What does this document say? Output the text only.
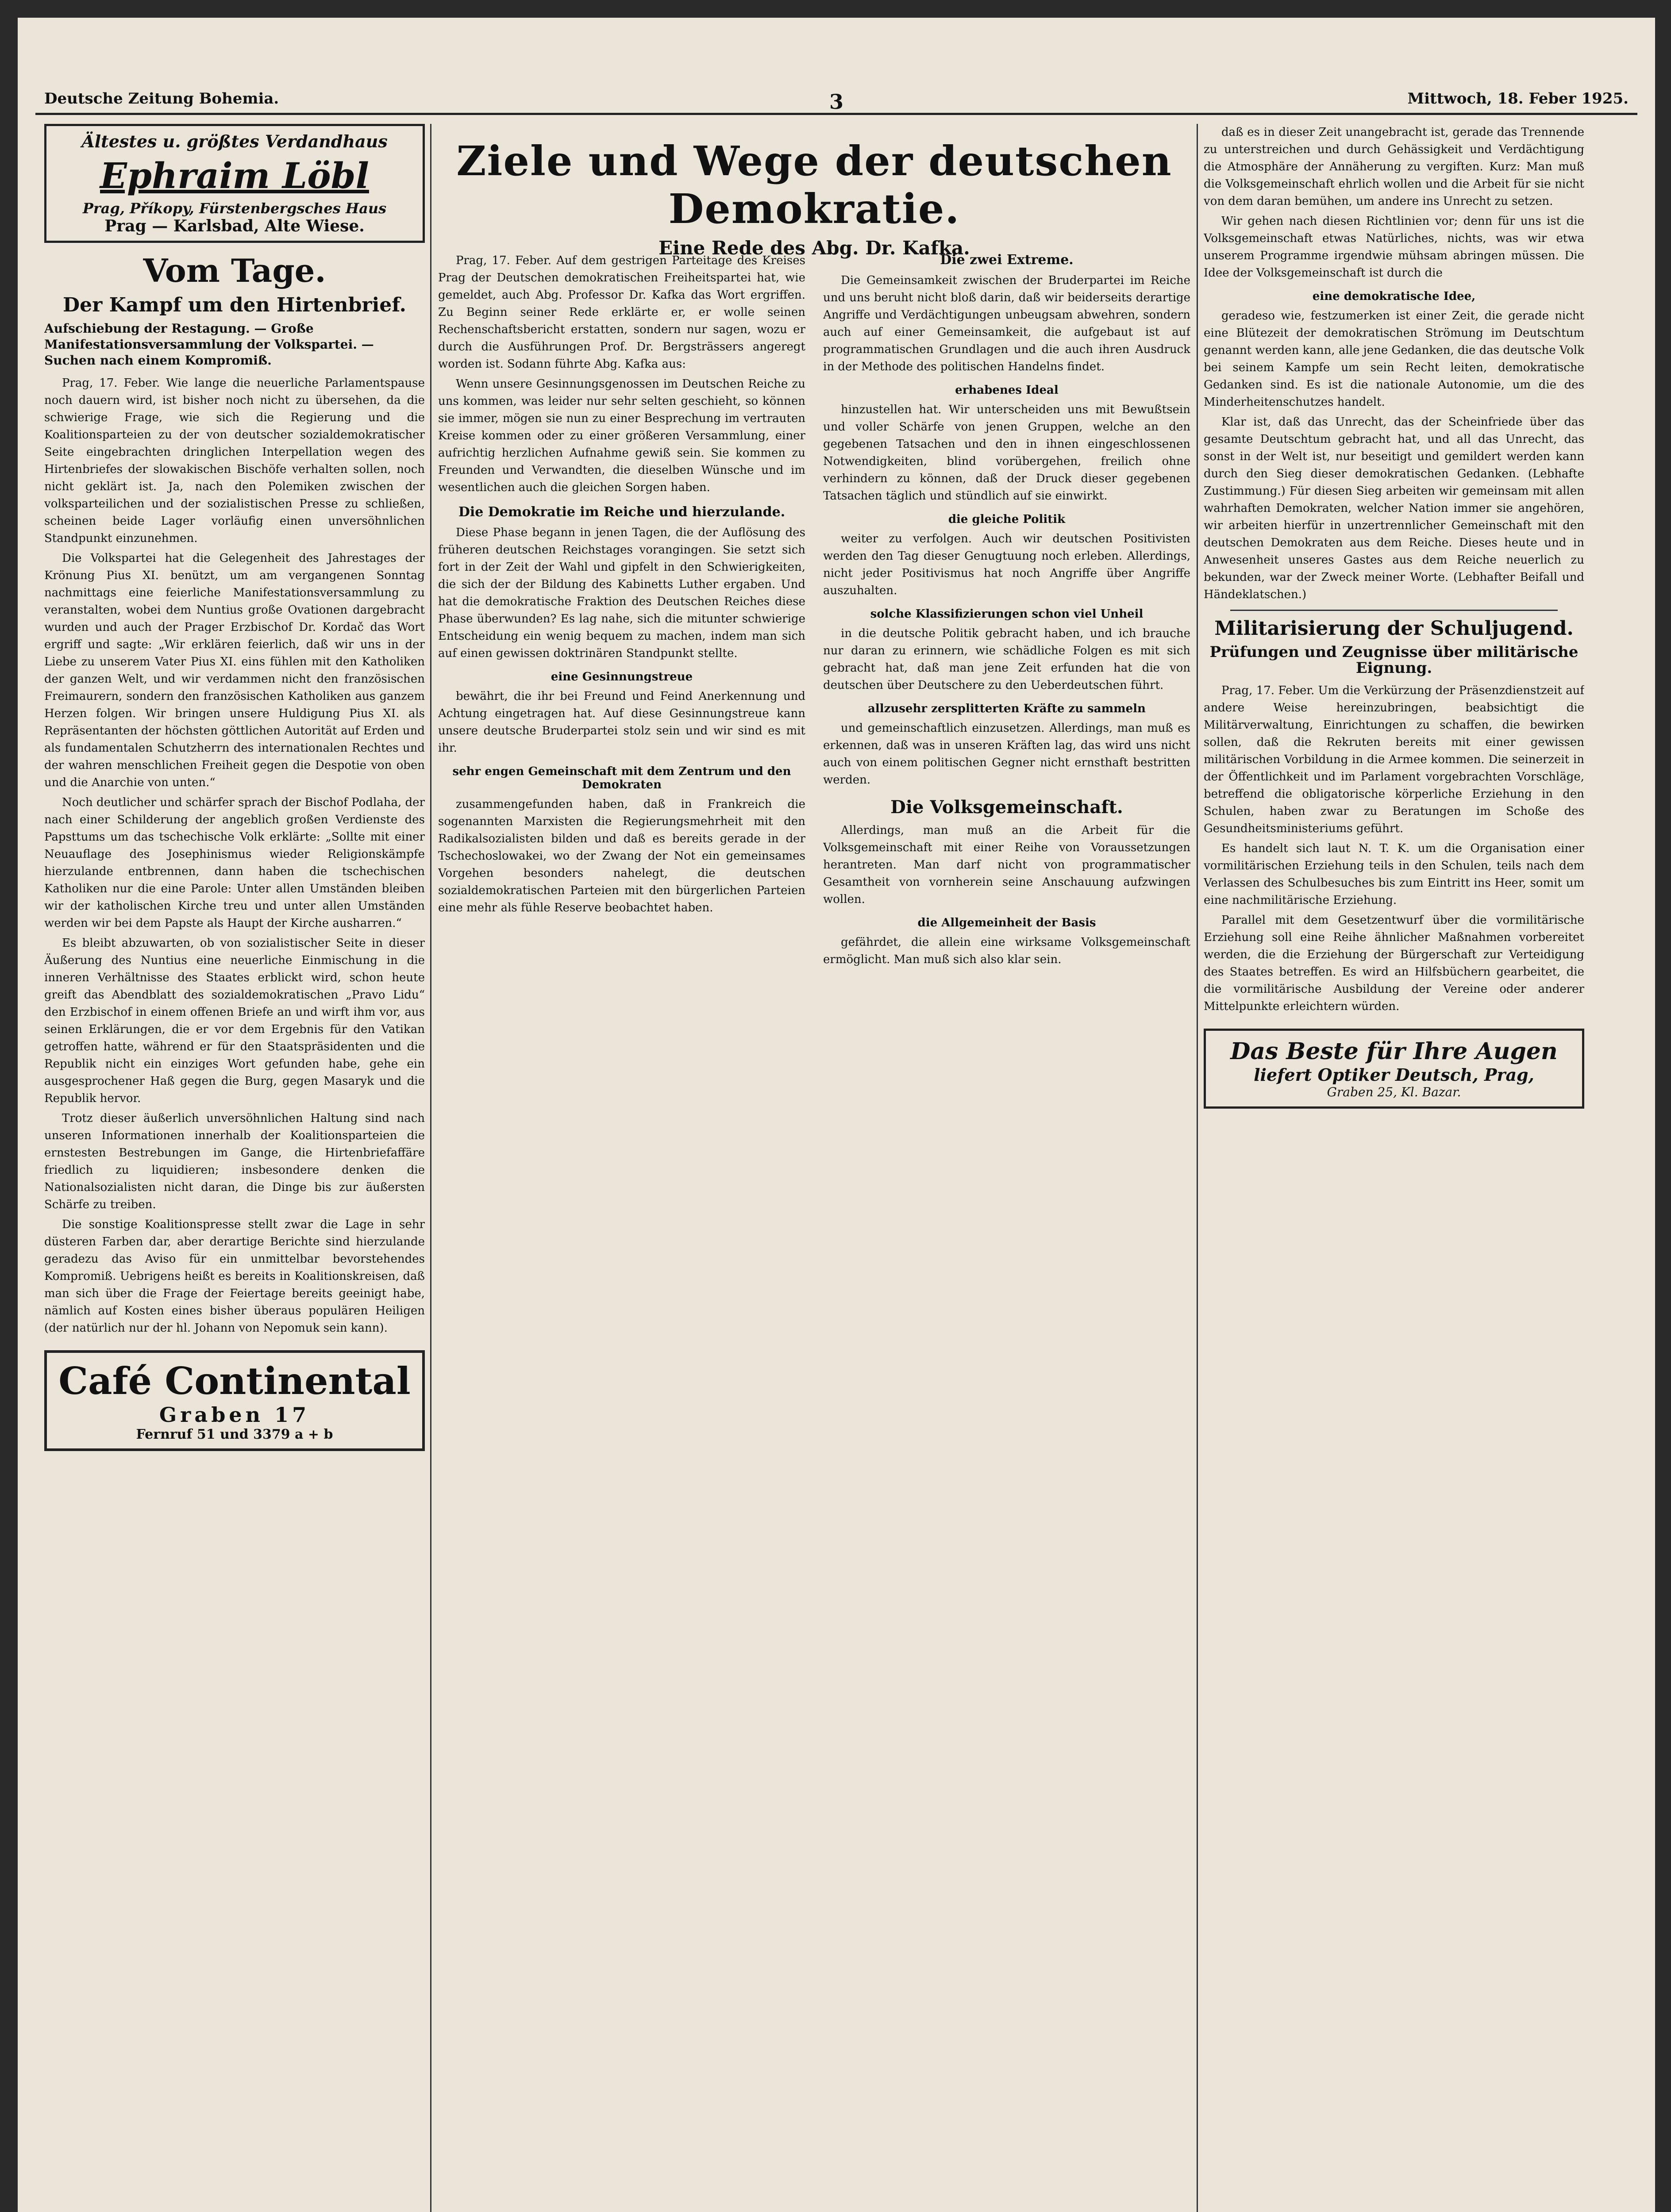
Deutsche Zeitung Bohemia.	3	Mittwoch, 18. Feber 1925.
Ältestes u. größtes Verdandhaus
Ephraim Löbl
Prag, Příkopy, Fürstenbergsches Haus
Prag — Karlsbad, Alte Wiese.
Vom Tage.
Der Kampf um den Hirtenbrief.
Aufschiebung der Restagung. — Große Manifestationsversammlung der Volkspartei. — Suchen nach einem Kompromiß.

Prag, 17. Feber. Wie lange die neuerliche Parlamentspause noch dauern wird, ist bisher noch nicht zu übersehen, da die schwierige Frage, wie sich die Regierung und die Koalitionsparteien zu der von deutscher sozialdemokratischer Seite eingebrachten dringlichen Interpellation wegen des Hirtenbriefes der slowakischen Bischöfe verhalten sollen, noch nicht geklärt ist. Ja, nach den Polemiken zwischen der volksparteilichen und der sozialistischen Presse zu schließen, scheinen beide Lager vorläufig einen unversöhnlichen Standpunkt einzunehmen.

Die Volkspartei hat die Gelegenheit des Jahrestages der Krönung Pius XI. benützt, um am vergangenen Sonntag nachmittags eine feierliche Manifestationsversammlung zu veranstalten, wobei dem Nuntius große Ovationen dargebracht wurden und auch der Prager Erzbischof Dr. Kordač das Wort ergriff und sagte: „Wir erklären feierlich, daß wir uns in der Liebe zu unserem Vater Pius XI. eins fühlen mit den Katholiken der ganzen Welt, und wir verdammen nicht den französischen Freimaurern, sondern den französischen Katholiken aus ganzem Herzen folgen. Wir bringen unsere Huldigung Pius XI. als Repräsentanten der höchsten göttlichen Autorität auf Erden und als fundamentalen Schutzherrn des internationalen Rechtes und der wahren menschlichen Freiheit gegen die Despotie von oben und die Anarchie von unten.“

Noch deutlicher und schärfer sprach der Bischof Podlaha, der nach einer Schilderung der angeblich großen Verdienste des Papsttums um das tschechische Volk erklärte: „Sollte mit einer Neuauflage des Josephinismus wieder Religionskämpfe hierzulande entbrennen, dann haben die tschechischen Katholiken nur die eine Parole: Unter allen Umständen bleiben wir der katholischen Kirche treu und unter allen Umständen werden wir bei dem Papste als Haupt der Kirche ausharren.“

Es bleibt abzuwarten, ob von sozialistischer Seite in dieser Äußerung des Nuntius eine neuerliche Einmischung in die inneren Verhältnisse des Staates erblickt wird, schon heute greift das Abendblatt des sozialdemokratischen „Pravo Lidu“ den Erzbischof in einem offenen Briefe an und wirft ihm vor, aus seinen Erklärungen, die er vor dem Ergebnis für den Vatikan getroffen hatte, während er für den Staatspräsidenten und die Republik nicht ein einziges Wort gefunden habe, gehe ein ausgesprochener Haß gegen die Burg, gegen Masaryk und die Republik hervor.

Trotz dieser äußerlich unversöhnlichen Haltung sind nach unseren Informationen innerhalb der Koalitionsparteien die ernstesten Bestrebungen im Gange, die Hirtenbriefaffäre friedlich zu liquidieren; insbesondere denken die Nationalsozialisten nicht daran, die Dinge bis zur äußersten Schärfe zu treiben.

Die sonstige Koalitionspresse stellt zwar die Lage in sehr düsteren Farben dar, aber derartige Berichte sind hierzulande geradezu das Aviso für ein unmittelbar bevorstehendes Kompromiß. Uebrigens heißt es bereits in Koalitionskreisen, daß man sich über die Frage der Feiertage bereits geeinigt habe, nämlich auf Kosten eines bisher überaus populären Heiligen (der natürlich nur der hl. Johann von Nepomuk sein kann).

Café Continental
Graben 17
Fernruf 51 und 3379 a + b
Ziele und Wege der deutschen Demokratie.
Eine Rede des Abg. Dr. Kafka.

Prag, 17. Feber. Auf dem gestrigen Parteitage des Kreises Prag der Deutschen demokratischen Freiheitspartei hat, wie gemeldet, auch Abg. Professor Dr. Kafka das Wort ergriffen. Zu Beginn seiner Rede erklärte er, er wolle seinen Rechenschaftsbericht erstatten, sondern nur sagen, wozu er durch die Ausführungen Prof. Dr. Bergsträssers angeregt worden ist. Sodann führte Abg. Kafka aus:

Wenn unsere Gesinnungsgenossen im Deutschen Reiche zu uns kommen, was leider nur sehr selten geschieht, so können sie immer, mögen sie nun zu einer Besprechung im vertrauten Kreise kommen oder zu einer größeren Versammlung, einer aufrichtig herzlichen Aufnahme gewiß sein. Sie kommen zu Freunden und Verwandten, die dieselben Wünsche und im wesentlichen auch die gleichen Sorgen haben.

Die Demokratie im Reiche und hierzulande.

Diese Phase begann in jenen Tagen, die der Auflösung des früheren deutschen Reichstages vorangingen. Sie setzt sich fort in der Zeit der Wahl und gipfelt in den Schwierigkeiten, die sich der der Bildung des Kabinetts Luther ergaben. Und hat die demokratische Fraktion des Deutschen Reiches diese Phase überwunden? Es lag nahe, sich die mitunter schwierige Entscheidung ein wenig bequem zu machen, indem man sich auf einen gewissen doktrinären Standpunkt stellte.

eine Gesinnungstreue

bewährt, die ihr bei Freund und Feind Anerkennung und Achtung eingetragen hat. Auf diese Gesinnungstreue kann unsere deutsche Bruderpartei stolz sein und wir sind es mit ihr.

sehr engen Gemeinschaft mit dem Zentrum und den Demokraten

zusammengefunden haben, daß in Frankreich die sogenannten Marxisten die Regierungsmehrheit mit den Radikalsozialisten bilden und daß es bereits gerade in der Tschechoslowakei, wo der Zwang der Not ein gemeinsames Vorgehen besonders nahelegt, die deutschen sozialdemokratischen Parteien mit den bürgerlichen Parteien eine mehr als fühle Reserve beobachtet haben.

Die zwei Extreme.

Die Gemeinsamkeit zwischen der Bruderpartei im Reiche und uns beruht nicht bloß darin, daß wir beiderseits derartige Angriffe und Verdächtigungen unbeugsam abwehren, sondern auch auf einer Gemeinsamkeit, die aufgebaut ist auf programmatischen Grundlagen und die auch ihren Ausdruck in der Methode des politischen Handelns findet.

erhabenes Ideal

hinzustellen hat. Wir unterscheiden uns mit Bewußtsein und voller Schärfe von jenen Gruppen, welche an den gegebenen Tatsachen und den in ihnen eingeschlossenen Notwendigkeiten, blind vorübergehen, freilich ohne verhindern zu können, daß der Druck dieser gegebenen Tatsachen täglich und stündlich auf sie einwirkt.

die gleiche Politik

weiter zu verfolgen. Auch wir deutschen Positivisten werden den Tag dieser Genugtuung noch erleben. Allerdings, nicht jeder Positivismus hat noch Angriffe über Angriffe auszuhalten.

solche Klassifizierungen schon viel Unheil

in die deutsche Politik gebracht haben, und ich brauche nur daran zu erinnern, wie schädliche Folgen es mit sich gebracht hat, daß man jene Zeit erfunden hat die von deutschen über Deutschere zu den Ueberdeutschen führt.

allzusehr zersplitterten Kräfte zu sammeln

und gemeinschaftlich einzusetzen. Allerdings, man muß es erkennen, daß was in unseren Kräften lag, das wird uns nicht auch von einem politischen Gegner nicht ernsthaft bestritten werden.

Die Volksgemeinschaft.

Allerdings, man muß an die Arbeit für die Volksgemeinschaft mit einer Reihe von Voraussetzungen herantreten. Man darf nicht von programmatischer Gesamtheit von vornherein seine Anschauung aufzwingen wollen.

die Allgemeinheit der Basis

gefährdet, die allein eine wirksame Volksgemeinschaft ermöglicht. Man muß sich also klar sein.

daß es in dieser Zeit unangebracht ist, gerade das Trennende zu unterstreichen und durch Gehässigkeit und Verdächtigung die Atmosphäre der Annäherung zu vergiften. Kurz: Man muß die Volksgemeinschaft ehrlich wollen und die Arbeit für sie nicht von dem daran bemühen, um andere ins Unrecht zu setzen.

Wir gehen nach diesen Richtlinien vor; denn für uns ist die Volksgemeinschaft etwas Natürliches, nichts, was wir etwa unserem Programme irgendwie mühsam abringen müssen. Die Idee der Volksgemeinschaft ist durch die

eine demokratische Idee,

geradeso wie, festzumerken ist einer Zeit, die gerade nicht eine Blütezeit der demokratischen Strömung im Deutschtum genannt werden kann, alle jene Gedanken, die das deutsche Volk bei seinem Kampfe um sein Recht leiten, demokratische Gedanken sind. Es ist die nationale Autonomie, um die des Minderheitenschutzes handelt.

Klar ist, daß das Unrecht, das der Scheinfriede über das gesamte Deutschtum gebracht hat, und all das Unrecht, das sonst in der Welt ist, nur beseitigt und gemildert werden kann durch den Sieg dieser demokratischen Gedanken. (Lebhafte Zustimmung.) Für diesen Sieg arbeiten wir gemeinsam mit allen wahrhaften Demokraten, welcher Nation immer sie angehören, wir arbeiten hierfür in unzertrennlicher Gemeinschaft mit den deutschen Demokraten aus dem Reiche. Dieses heute und in Anwesenheit unseres Gastes aus dem Reiche neuerlich zu bekunden, war der Zweck meiner Worte. (Lebhafter Beifall und Händeklatschen.)

Militarisierung der Schuljugend.
Prüfungen und Zeugnisse über militärische Eignung.

Prag, 17. Feber. Um die Verkürzung der Präsenzdienstzeit auf andere Weise hereinzubringen, beabsichtigt die Militärverwaltung, Einrichtungen zu schaffen, die bewirken sollen, daß die Rekruten bereits mit einer gewissen militärischen Vorbildung in die Armee kommen. Die seinerzeit in der Öffentlichkeit und im Parlament vorgebrachten Vorschläge, betreffend die obligatorische körperliche Erziehung in den Schulen, haben zwar zu Beratungen im Schoße des Gesundheitsministeriums geführt.

Es handelt sich laut N. T. K. um die Organisation einer vormilitärischen Erziehung teils in den Schulen, teils nach dem Verlassen des Schulbesuches bis zum Eintritt ins Heer, somit um eine nachmilitärische Erziehung.

Parallel mit dem Gesetzentwurf über die vormilitärische Erziehung soll eine Reihe ähnlicher Maßnahmen vorbereitet werden, die die Erziehung der Bürgerschaft zur Verteidigung des Staates betreffen. Es wird an Hilfsbüchern gearbeitet, die die vormilitärische Ausbildung der Vereine oder anderer Mittelpunkte erleichtern würden.

Das Beste für Ihre Augen
liefert Optiker Deutsch, Prag,
Graben 25, Kl. Bazar.
